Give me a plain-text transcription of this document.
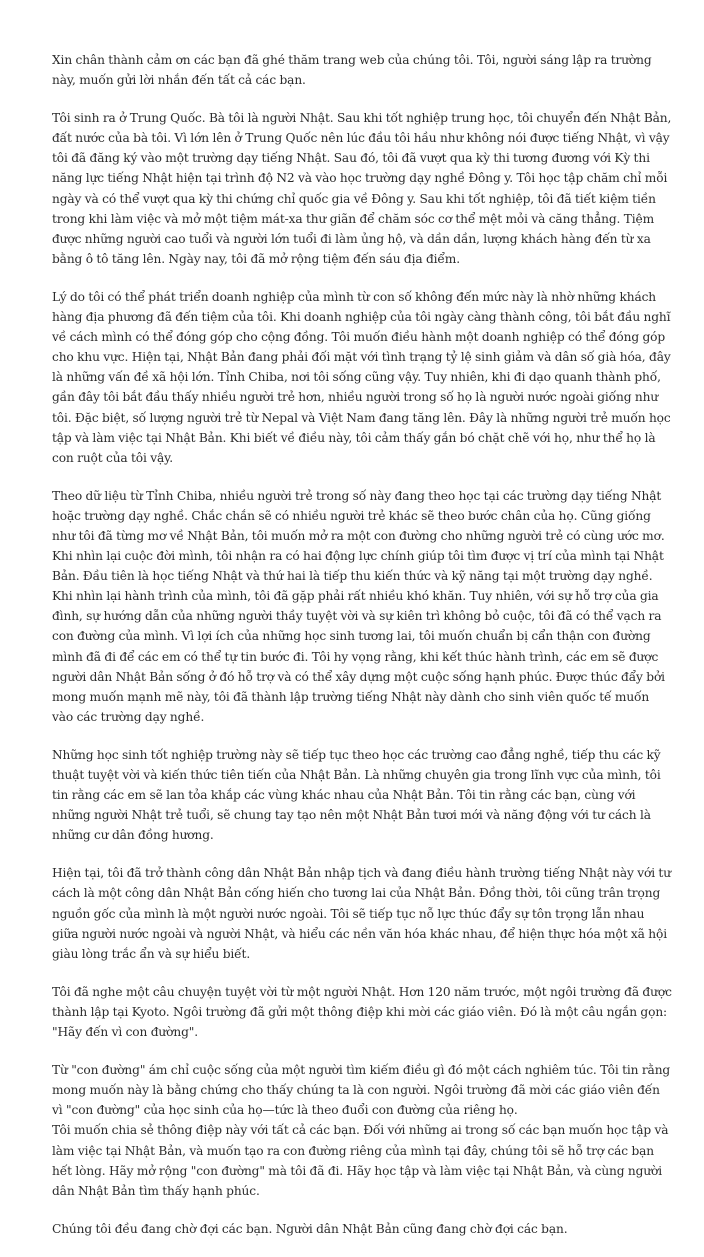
Xin chân thành cảm ơn các bạn đã ghé thăm trang web của chúng tôi. Tôi, người sáng lập ra trường này, muốn gửi lời nhắn đến tất cả các bạn.

Tôi sinh ra ở Trung Quốc. Bà tôi là người Nhật. Sau khi tốt nghiệp trung học, tôi chuyển đến Nhật Bản, đất nước của bà tôi. Vì lớn lên ở Trung Quốc nên lúc đầu tôi hầu như không nói được tiếng Nhật, vì vậy tôi đã đăng ký vào một trường dạy tiếng Nhật. Sau đó, tôi đã vượt qua kỳ thi tương đương với Kỳ thi năng lực tiếng Nhật hiện tại trình độ N2 và vào học trường dạy nghề Đông y. Tôi học tập chăm chỉ mỗi ngày và có thể vượt qua kỳ thi chứng chỉ quốc gia về Đông y. Sau khi tốt nghiệp, tôi đã tiết kiệm tiền trong khi làm việc và mở một tiệm mát-xa thư giãn để chăm sóc cơ thể mệt mỏi và căng thẳng. Tiệm được những người cao tuổi và người lớn tuổi đi làm ủng hộ, và dần dần, lượng khách hàng đến từ xa bằng ô tô tăng lên. Ngày nay, tôi đã mở rộng tiệm đến sáu địa điểm.

Lý do tôi có thể phát triển doanh nghiệp của mình từ con số không đến mức này là nhờ những khách hàng địa phương đã đến tiệm của tôi. Khi doanh nghiệp của tôi ngày càng thành công, tôi bắt đầu nghĩ về cách mình có thể đóng góp cho cộng đồng. Tôi muốn điều hành một doanh nghiệp có thể đóng góp cho khu vực. Hiện tại, Nhật Bản đang phải đối mặt với tình trạng tỷ lệ sinh giảm và dân số già hóa, đây là những vấn đề xã hội lớn. Tỉnh Chiba, nơi tôi sống cũng vậy. Tuy nhiên, khi đi dạo quanh thành phố, gần đây tôi bắt đầu thấy nhiều người trẻ hơn, nhiều người trong số họ là người nước ngoài giống như tôi. Đặc biệt, số lượng người trẻ từ Nepal và Việt Nam đang tăng lên. Đây là những người trẻ muốn học tập và làm việc tại Nhật Bản. Khi biết về điều này, tôi cảm thấy gắn bó chặt chẽ với họ, như thể họ là con ruột của tôi vậy.

Theo dữ liệu từ Tỉnh Chiba, nhiều người trẻ trong số này đang theo học tại các trường dạy tiếng Nhật hoặc trường dạy nghề. Chắc chắn sẽ có nhiều người trẻ khác sẽ theo bước chân của họ. Cũng giống như tôi đã từng mơ về Nhật Bản, tôi muốn mở ra một con đường cho những người trẻ có cùng ước mơ. Khi nhìn lại cuộc đời mình, tôi nhận ra có hai động lực chính giúp tôi tìm được vị trí của mình tại Nhật Bản. Đầu tiên là học tiếng Nhật và thứ hai là tiếp thu kiến thức và kỹ năng tại một trường dạy nghề. Khi nhìn lại hành trình của mình, tôi đã gặp phải rất nhiều khó khăn. Tuy nhiên, với sự hỗ trợ của gia đình, sự hướng dẫn của những người thầy tuyệt vời và sự kiên trì không bỏ cuộc, tôi đã có thể vạch ra con đường của mình. Vì lợi ích của những học sinh tương lai, tôi muốn chuẩn bị cẩn thận con đường mình đã đi để các em có thể tự tin bước đi. Tôi hy vọng rằng, khi kết thúc hành trình, các em sẽ được người dân Nhật Bản sống ở đó hỗ trợ và có thể xây dựng một cuộc sống hạnh phúc. Được thúc đẩy bởi mong muốn mạnh mẽ này, tôi đã thành lập trường tiếng Nhật này dành cho sinh viên quốc tế muốn vào các trường dạy nghề.

Những học sinh tốt nghiệp trường này sẽ tiếp tục theo học các trường cao đẳng nghề, tiếp thu các kỹ thuật tuyệt vời và kiến thức tiên tiến của Nhật Bản. Là những chuyên gia trong lĩnh vực của mình, tôi tin rằng các em sẽ lan tỏa khắp các vùng khác nhau của Nhật Bản. Tôi tin rằng các bạn, cùng với những người Nhật trẻ tuổi, sẽ chung tay tạo nên một Nhật Bản tươi mới và năng động với tư cách là những cư dân đồng hương.

Hiện tại, tôi đã trở thành công dân Nhật Bản nhập tịch và đang điều hành trường tiếng Nhật này với tư cách là một công dân Nhật Bản cống hiến cho tương lai của Nhật Bản. Đồng thời, tôi cũng trân trọng nguồn gốc của mình là một người nước ngoài. Tôi sẽ tiếp tục nỗ lực thúc đẩy sự tôn trọng lẫn nhau giữa người nước ngoài và người Nhật, và hiểu các nền văn hóa khác nhau, để hiện thực hóa một xã hội giàu lòng trắc ẩn và sự hiểu biết.

Tôi đã nghe một câu chuyện tuyệt vời từ một người Nhật. Hơn 120 năm trước, một ngôi trường đã được thành lập tại Kyoto. Ngôi trường đã gửi một thông điệp khi mời các giáo viên. Đó là một câu ngắn gọn: "Hãy đến vì con đường".

Từ "con đường" ám chỉ cuộc sống của một người tìm kiếm điều gì đó một cách nghiêm túc. Tôi tin rằng mong muốn này là bằng chứng cho thấy chúng ta là con người. Ngôi trường đã mời các giáo viên đến vì "con đường" của học sinh của họ—tức là theo đuổi con đường của riêng họ.
Tôi muốn chia sẻ thông điệp này với tất cả các bạn. Đối với những ai trong số các bạn muốn học tập và làm việc tại Nhật Bản, và muốn tạo ra con đường riêng của mình tại đây, chúng tôi sẽ hỗ trợ các bạn hết lòng. Hãy mở rộng "con đường" mà tôi đã đi. Hãy học tập và làm việc tại Nhật Bản, và cùng người dân Nhật Bản tìm thấy hạnh phúc.

Chúng tôi đều đang chờ đợi các bạn. Người dân Nhật Bản cũng đang chờ đợi các bạn.
